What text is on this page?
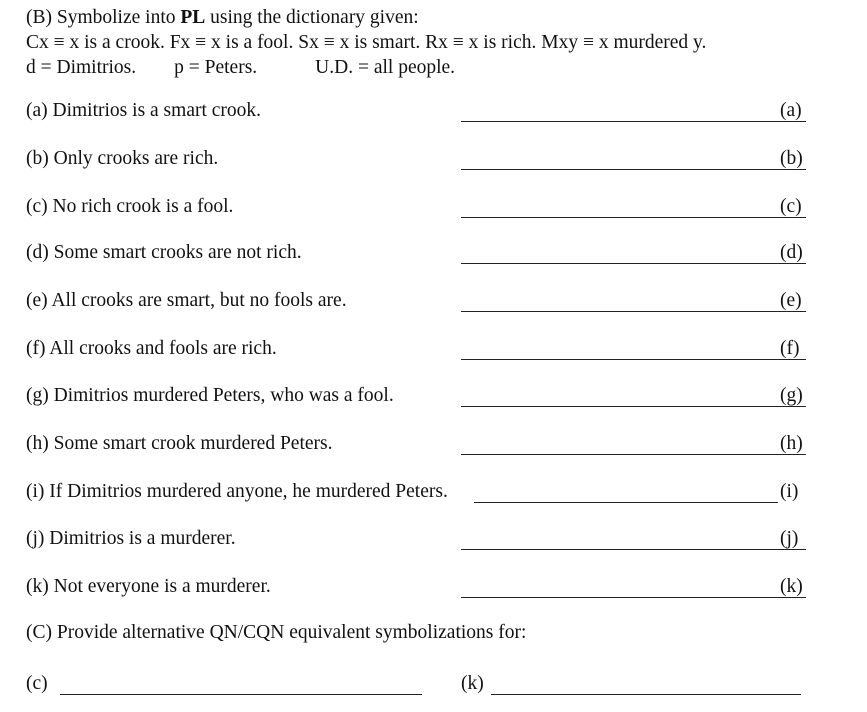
(B) Symbolize into PL using the dictionary given:
Cx ≡ x is a crook. Fx ≡ x is a fool. Sx ≡ x is smart. Rx ≡ x is rich. Mxy ≡ x murdered y.
d = Dimitrios. p = Peters.	U.D. = all people.
(a) Dimitrios is a smart crook.	(a)
(b) Only crooks are rich.	(b)
(c) No rich crook is a fool.	(c)
(d) Some smart crooks are not rich.	(d)
(e) All crooks are smart, but no fools are.	(e)
(f) All crooks and fools are rich.	(f)
(g) Dimitrios murdered Peters, who was a fool.	(g)
(h) Some smart crook murdered Peters.	(h)
(i) If Dimitrios murdered anyone, he murdered Peters.	(i)
(j) Dimitrios is a murderer.	(j)
(k) Not everyone is a murderer.	(k)
(C) Provide alternative QN/CQN equivalent symbolizations for:
(c)	(k)
